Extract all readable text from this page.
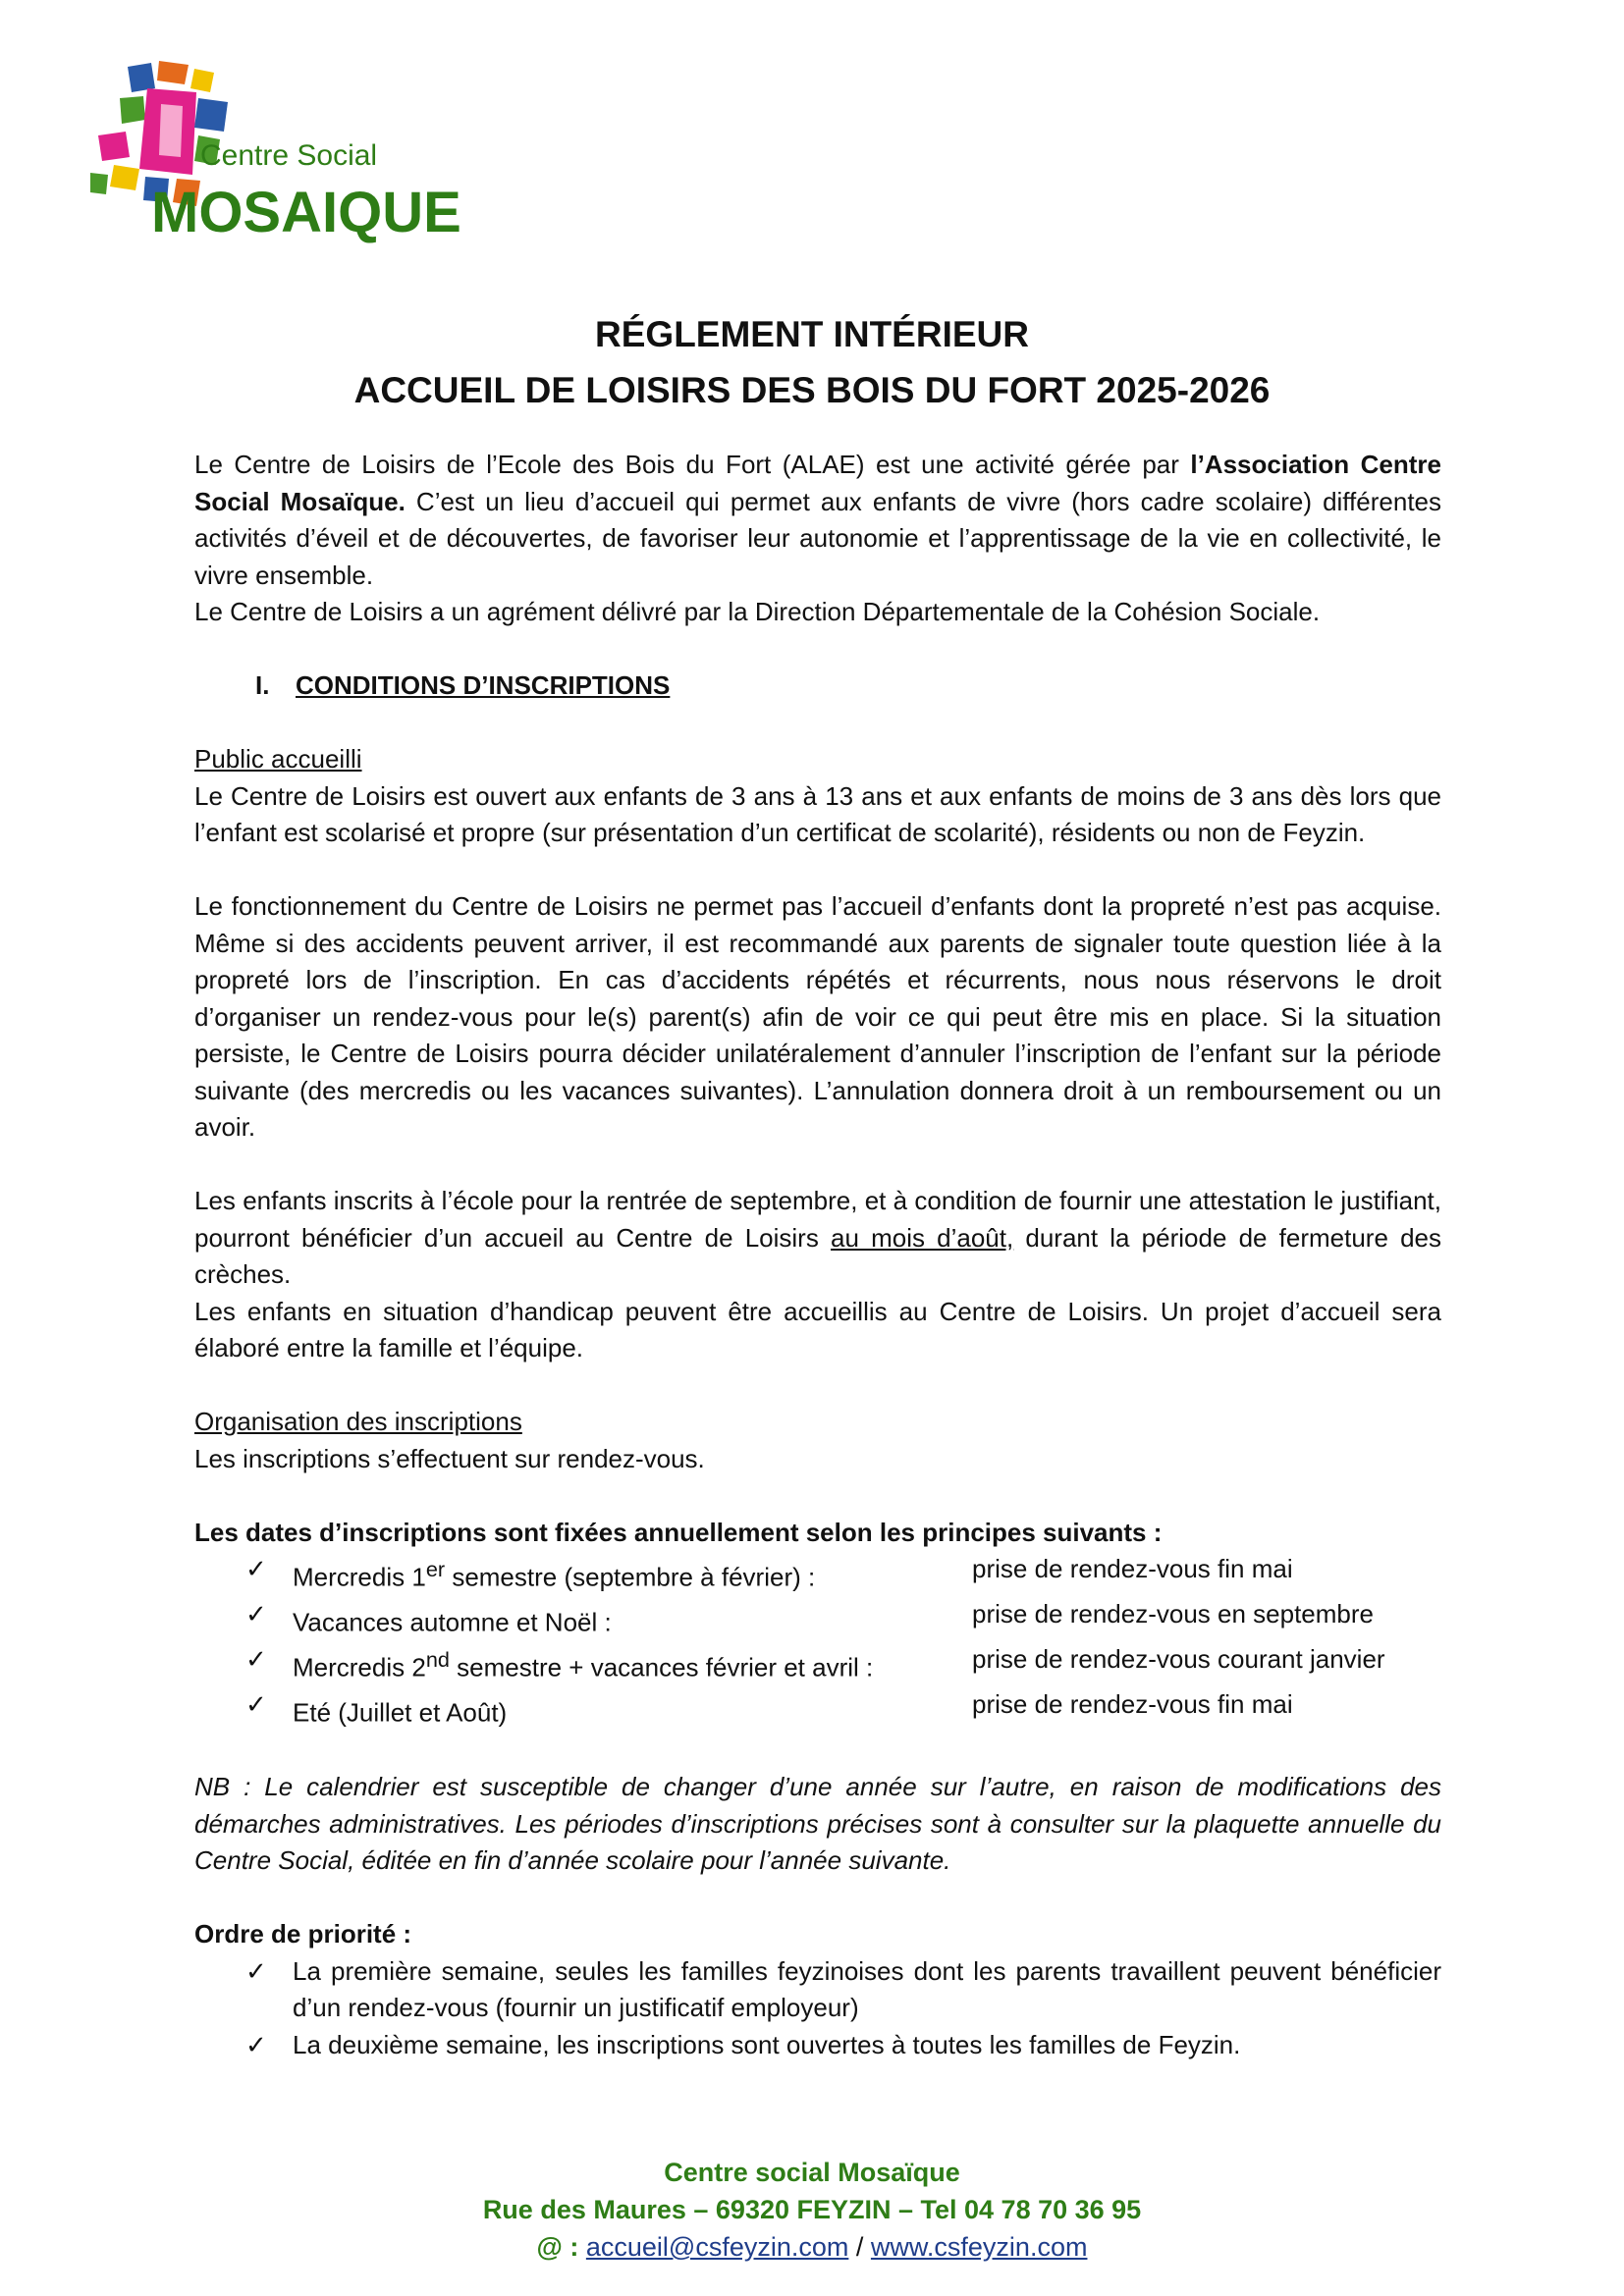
Centre Social
MOSAIQUE
RÉGLEMENT INTÉRIEUR
ACCUEIL DE LOISIRS DES BOIS DU FORT 2025-2026

Le Centre de Loisirs de l’Ecole des Bois du Fort (ALAE) est une activité gérée par l’Association Centre Social Mosaïque. C’est un lieu d’accueil qui permet aux enfants de vivre (hors cadre scolaire) différentes activités d’éveil et de découvertes, de favoriser leur autonomie et l’apprentissage de la vie en collectivité, le vivre ensemble.

Le Centre de Loisirs a un agrément délivré par la Direction Départementale de la Cohésion Sociale.

I. CONDITIONS D’INSCRIPTIONS

Public accueilli

Le Centre de Loisirs est ouvert aux enfants de 3 ans à 13 ans et aux enfants de moins de 3 ans dès lors que l’enfant est scolarisé et propre (sur présentation d’un certificat de scolarité), résidents ou non de Feyzin.

Le fonctionnement du Centre de Loisirs ne permet pas l’accueil d’enfants dont la propreté n’est pas acquise. Même si des accidents peuvent arriver, il est recommandé aux parents de signaler toute question liée à la propreté lors de l’inscription. En cas d’accidents répétés et récurrents, nous nous réservons le droit d’organiser un rendez-vous pour le(s) parent(s) afin de voir ce qui peut être mis en place. Si la situation persiste, le Centre de Loisirs pourra décider unilatéralement d’annuler l’inscription de l’enfant sur la période suivante (des mercredis ou les vacances suivantes). L’annulation donnera droit à un remboursement ou un avoir.

Les enfants inscrits à l’école pour la rentrée de septembre, et à condition de fournir une attestation le justifiant, pourront bénéficier d’un accueil au Centre de Loisirs au mois d’août, durant la période de fermeture des crèches.

Les enfants en situation d’handicap peuvent être accueillis au Centre de Loisirs. Un projet d’accueil sera élaboré entre la famille et l’équipe.

Organisation des inscriptions

Les inscriptions s’effectuent sur rendez-vous.

Les dates d’inscriptions sont fixées annuellement selon les principes suivants :

✓ Mercredis 1er semestre (septembre à février) :	prise de rendez-vous fin mai
✓ Vacances automne et Noël :	prise de rendez-vous en septembre
✓ Mercredis 2nd semestre + vacances février et avril :	prise de rendez-vous courant janvier
✓ Eté (Juillet et Août)	prise de rendez-vous fin mai

NB : Le calendrier est susceptible de changer d’une année sur l’autre, en raison de modifications des démarches administratives. Les périodes d’inscriptions précises sont à consulter sur la plaquette annuelle du Centre Social, éditée en fin d’année scolaire pour l’année suivante.

Ordre de priorité :

✓ La première semaine, seules les familles feyzinoises dont les parents travaillent peuvent bénéficier d’un rendez-vous (fournir un justificatif employeur)
✓ La deuxième semaine, les inscriptions sont ouvertes à toutes les familles de Feyzin.
Centre social Mosaïque
Rue des Maures – 69320 FEYZIN – Tel 04 78 70 36 95
@ : accueil@csfeyzin.com / www.csfeyzin.com
